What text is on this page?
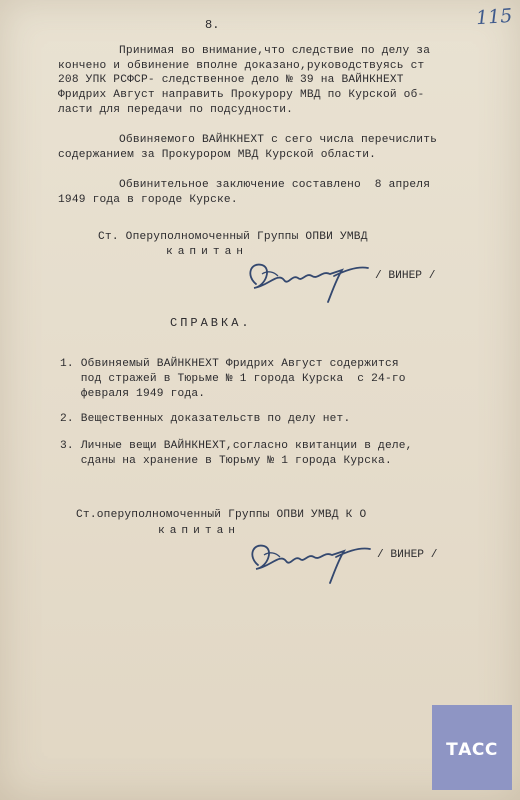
8.	115
Принимая во внимание,что следствие по делу за
кончено и обвинение вполне доказано,руководствуясь ст
208 УПК РСФСР- следственное дело № 39 на ВАЙНКНЕХТ
Фридрих Август направить Прокурору МВД по Курской об-
ласти для передачи по подсудности.
Обвиняемого ВАЙНКНЕХТ с сего числа перечислить
содержанием за Прокурором МВД Курской области.
Обвинительное заключение составлено  8 апреля
1949 года в городе Курске.
Ст. Оперуполномоченный Группы ОПВИ УМВД
капитан
/ ВИНЕР /
СПРАВКА.
1. Обвиняемый ВАЙНКНЕХТ Фридрих Август содержится
под стражей в Тюрьме № 1 города Курска  с 24-го
февраля 1949 года.
2. Вещественных доказательств по делу нет.
3. Личные вещи ВАЙНКНЕХТ,согласно квитанции в деле,
сданы на хранение в Тюрьму № 1 города Курска.
Ст.оперуполномоченный Группы ОПВИ УМВД К О
капитан
/ ВИНЕР /
ТАСС
